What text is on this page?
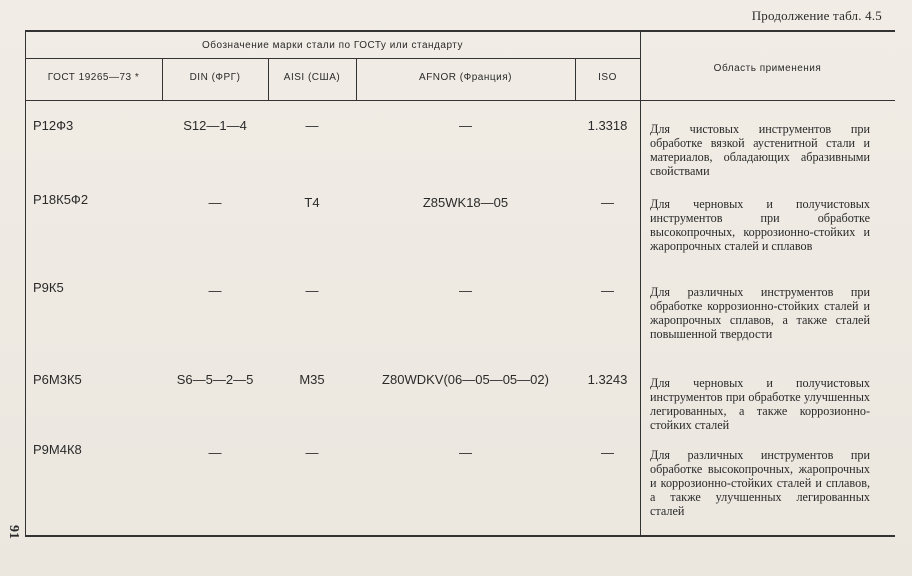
Продолжение табл. 4.5
91
Обозначение марки стали по ГОСТу или стандарту
ГОСТ 19265—73 *	DIN (ФРГ)	AISI (США)	AFNOR (Франция)	ISO
Область применения
Р12Ф3	S12—1—4	—	—	1.3318	Для чистовых инструментов при обработке вязкой аустенитной стали и материалов, обладающих абразивными свойствами
Р18К5Ф2	—	T4	Z85WK18—05	—	Для черновых и получистовых инструментов при обработке высокопрочных, коррозионно-стойких и жаропрочных сталей и сплавов
Р9К5	—	—	—	—	Для различных инструментов при обработке коррозионно-стойких сталей и жаропрочных сплавов, а также сталей повышенной твердости
Р6М3К5	S6—5—2—5	M35	Z80WDKV(06—05—05—02)	1.3243	Для черновых и получистовых инструментов при обработке улучшенных легированных, а также коррозионно-стойких сталей
Р9М4К8	—	—	—	—	Для различных инструментов при обработке высокопрочных, жаропрочных и коррозионно-стойких сталей и сплавов, а также улучшенных легированных сталей
